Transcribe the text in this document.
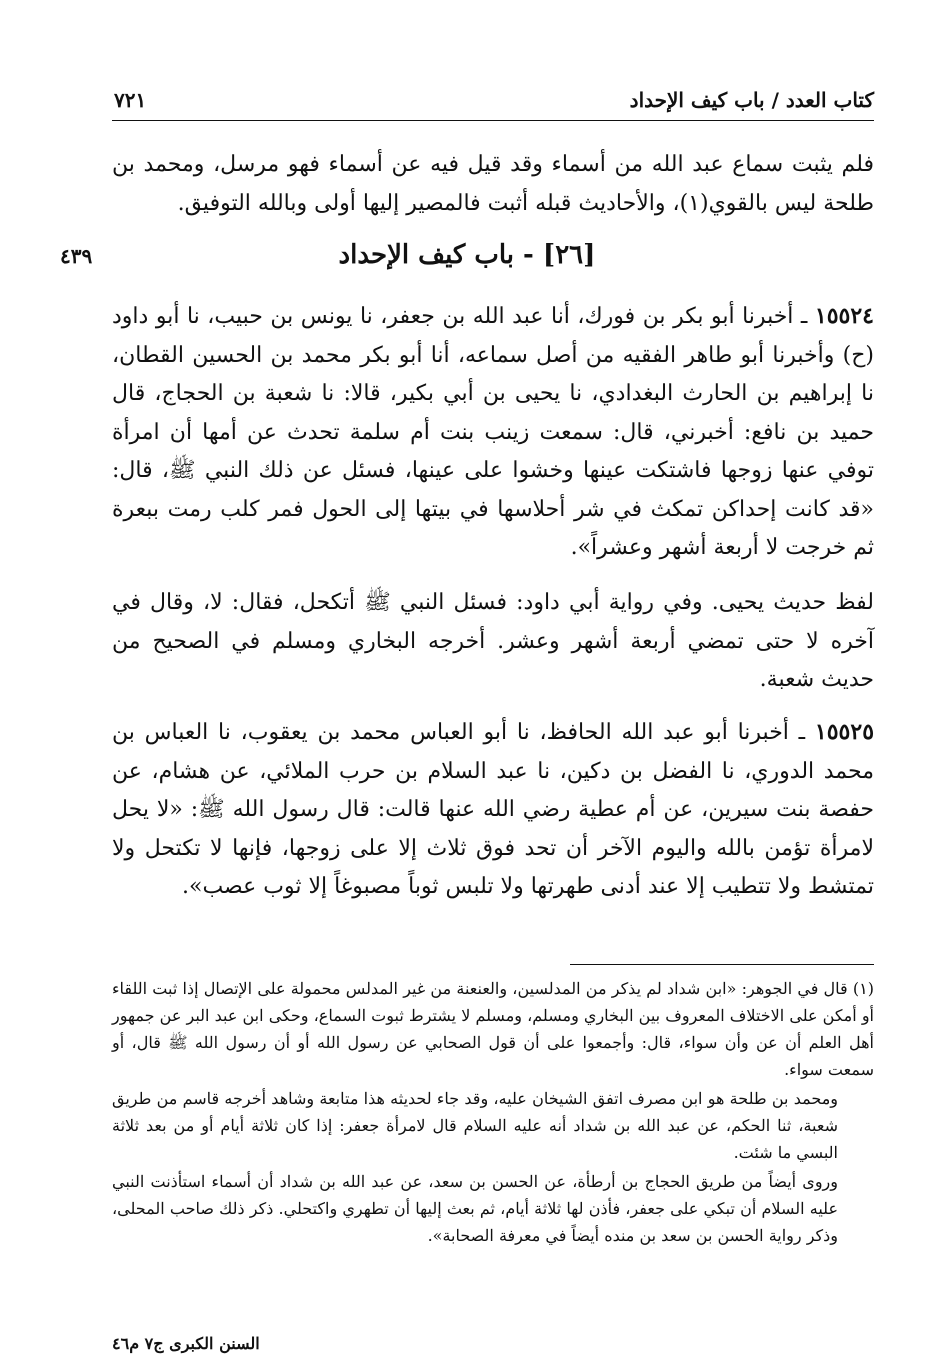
كتاب العدد / باب كيف الإحداد
٧٢١
فلم يثبت سماع عبد الله من أسماء وقد قيل فيه عن أسماء فهو مرسل، ومحمد بن طلحة ليس بالقوي(١)، والأحاديث قبله أثبت فالمصير إليها أولى وبالله التوفيق.
[٢٦] - باب كيف الإحداد
٤٣٩
١٥٥٢٤ ـ أخبرنا أبو بكر بن فورك، أنا عبد الله بن جعفر، نا يونس بن حبيب، نا أبو داود (ح) وأخبرنا أبو طاهر الفقيه من أصل سماعه، أنا أبو بكر محمد بن الحسين القطان، نا إبراهيم بن الحارث البغدادي، نا يحيى بن أبي بكير، قالا: نا شعبة بن الحجاج، قال حميد بن نافع: أخبرني، قال: سمعت زينب بنت أم سلمة تحدث عن أمها أن امرأة توفي عنها زوجها فاشتكت عينها وخشوا على عينها، فسئل عن ذلك النبي ﷺ، قال: «قد كانت إحداكن تمكث في شر أحلاسها في بيتها إلى الحول فمر كلب رمت ببعرة ثم خرجت لا أربعة أشهر وعشراً».
لفظ حديث يحيى. وفي رواية أبي داود: فسئل النبي ﷺ أتكحل، فقال: لا، وقال في آخره لا حتى تمضي أربعة أشهر وعشر. أخرجه البخاري ومسلم في الصحيح من حديث شعبة.
١٥٥٢٥ ـ أخبرنا أبو عبد الله الحافظ، نا أبو العباس محمد بن يعقوب، نا العباس بن محمد الدوري، نا الفضل بن دكين، نا عبد السلام بن حرب الملائي، عن هشام، عن حفصة بنت سيرين، عن أم عطية رضي الله عنها قالت: قال رسول الله ﷺ: «لا يحل لامرأة تؤمن بالله واليوم الآخر أن تحد فوق ثلاث إلا على زوجها، فإنها لا تكتحل ولا تمتشط ولا تتطيب إلا عند أدنى طهرتها ولا تلبس ثوباً مصبوغاً إلا ثوب عصب».

(١) قال في الجوهر: «ابن شداد لم يذكر من المدلسين، والعنعنة من غير المدلس محمولة على الإتصال إذا ثبت اللقاء أو أمكن على الاختلاف المعروف بين البخاري ومسلم، ومسلم لا يشترط ثبوت السماع، وحكى ابن عبد البر عن جمهور أهل العلم أن عن وأن سواء، قال: وأجمعوا على أن قول الصحابي عن رسول الله أو أن رسول الله ﷺ قال، أو سمعت سواء.

ومحمد بن طلحة هو ابن مصرف اتفق الشيخان عليه، وقد جاء لحديثه هذا متابعة وشاهد أخرجه قاسم من طريق شعبة، ثنا الحكم، عن عبد الله بن شداد أنه عليه السلام قال لامرأة جعفر: إذا كان ثلاثة أيام أو من بعد ثلاثة البسي ما شئت.

وروى أيضاً من طريق الحجاج بن أرطأة، عن الحسن بن سعد، عن عبد الله بن شداد أن أسماء استأذنت النبي عليه السلام أن تبكي على جعفر، فأذن لها ثلاثة أيام، ثم بعث إليها أن تطهري واكتحلي. ذكر ذلك صاحب المحلى، وذكر رواية الحسن بن سعد بن منده أيضاً في معرفة الصحابة».

السنن الكبرى ج٧ م٤٦
